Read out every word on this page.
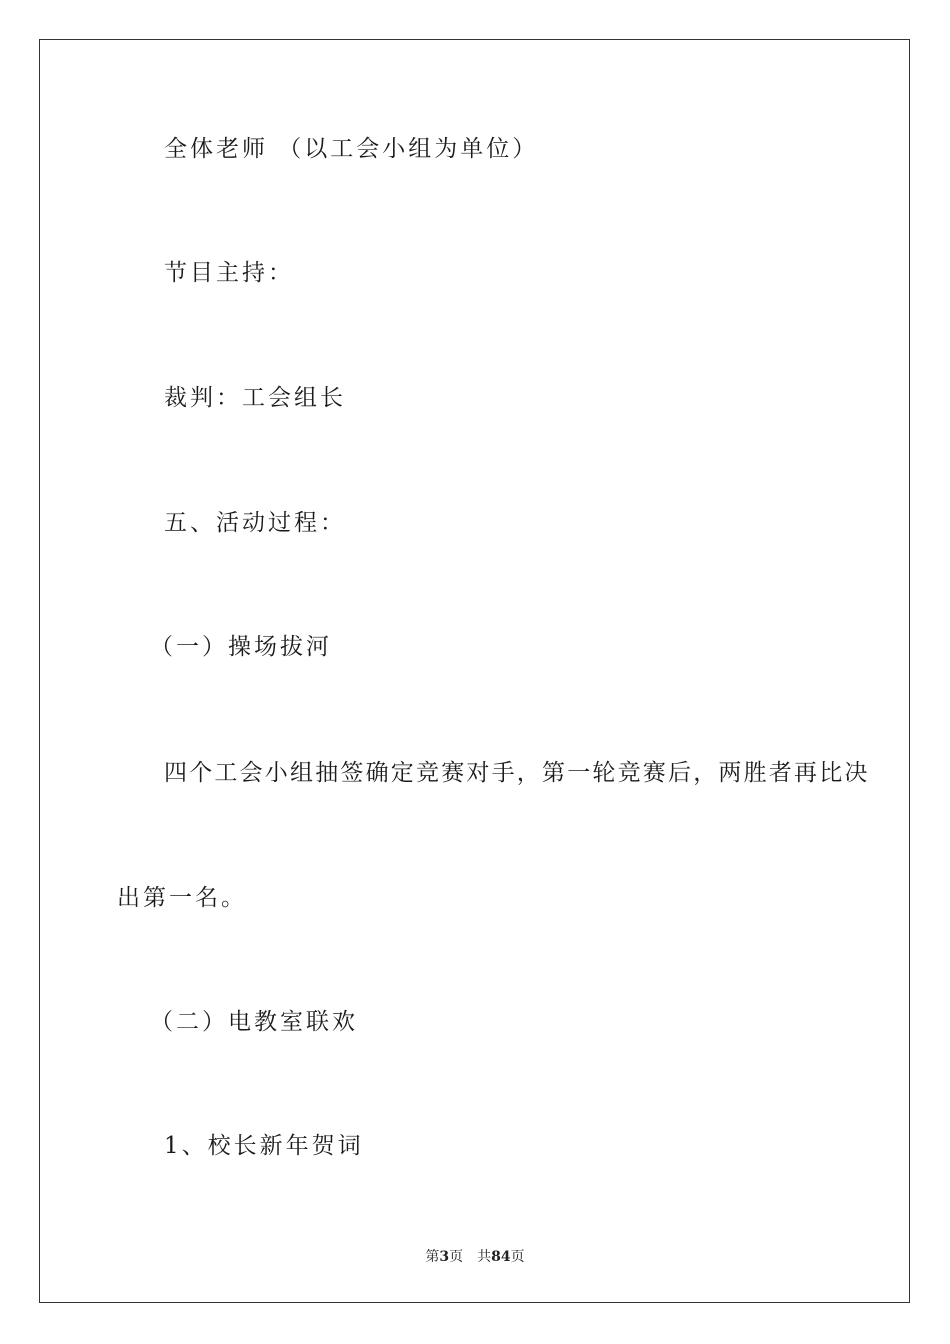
全体老师 （以工会小组为单位）

节目主持：

裁判：工会组长

五、活动过程：

（一）操场拔河

四个工会小组抽签确定竞赛对手，第一轮竞赛后，两胜者再比决

出第一名。

（二）电教室联欢

1、校长新年贺词

第3页 共84页
